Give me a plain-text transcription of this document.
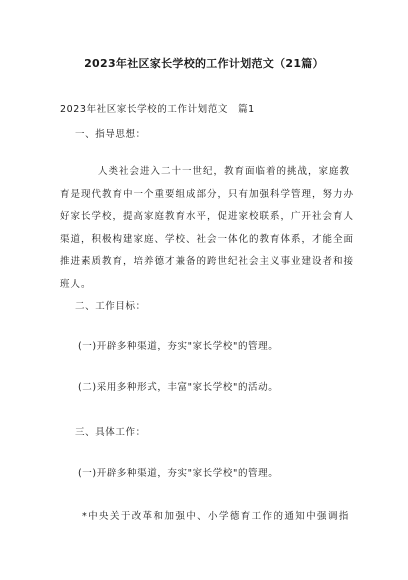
2023年社区家长学校的工作计划范文（21篇）
2023年社区家长学校的工作计划范文　篇1
一、指导思想：
人类社会进入二十一世纪，教育面临着的挑战，家庭教育是现代教育中一个重要组成部分，只有加强科学管理，努力办好家长学校，提高家庭教育水平，促进家校联系，广开社会育人渠道，积极构建家庭、学校、社会一体化的教育体系，才能全面推进素质教育，培养德才兼备的跨世纪社会主义事业建设者和接班人。
二、工作目标：
(一)开辟多种渠道，夯实"家长学校"的管理。
(二)采用多种形式，丰富"家长学校"的活动。
三、具体工作：
(一)开辟多种渠道，夯实"家长学校"的管理。
*中央关于改革和加强中、小学德育工作的通知中强调指
